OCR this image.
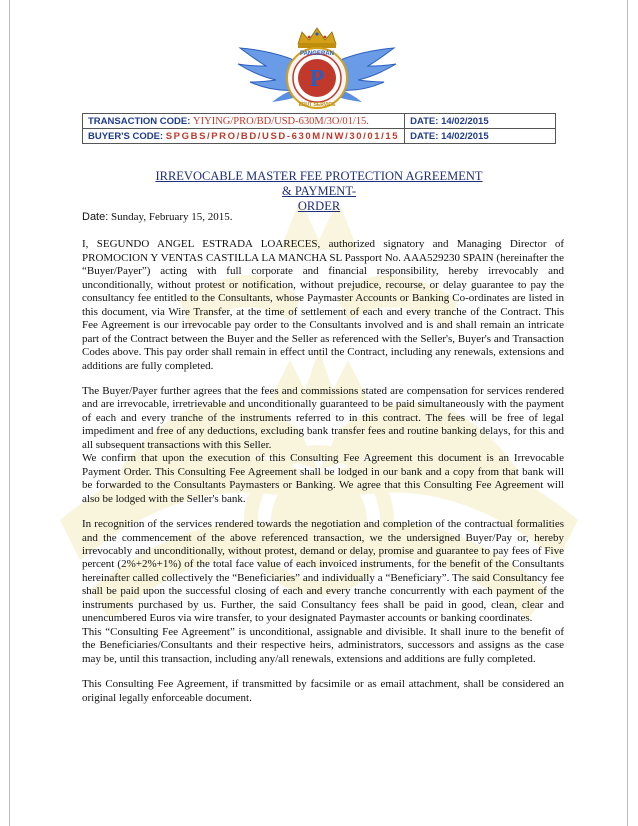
P
PANGERAN
EDUT SERVICE
TRANSACTION CODE: YIYING/PRO/BD/USD-630M/3O/01/15.	DATE: 14/02/2015
BUYER'S CODE: SPGBS/PRO/BD/USD-630M/NW/30/01/15	DATE: 14/02/2015
IRREVOCABLE MASTER FEE PROTECTION AGREEMENT
& PAYMENT-
ORDER

Date: Sunday, February 15, 2015.

I, SEGUNDO ANGEL ESTRADA LOARECES, authorized signatory and Managing Director of PROMOCION Y VENTAS CASTILLA LA MANCHA SL Passport No. AAA529230 SPAIN (hereinafter the “Buyer/Payer”) acting with full corporate and financial responsibility, hereby irrevocably and unconditionally, without protest or notification, without prejudice, recourse, or delay guarantee to pay the consultancy fee entitled to the Consultants, whose Paymaster Accounts or Banking Co-ordinates are listed in this document, via Wire Transfer, at the time of settlement of each and every tranche of the Contract. This Fee Agreement is our irrevocable pay order to the Consultants involved and is and shall remain an intricate part of the Contract between the Buyer and the Seller as referenced with the Seller's, Buyer's and Transaction Codes above. This pay order shall remain in effect until the Contract, including any renewals, extensions and additions are fully completed.

The Buyer/Payer further agrees that the fees and commissions stated are compensation for services rendered and are irrevocable, irretrievable and unconditionally guaranteed to be paid simultaneously with the payment of each and every tranche of the instruments referred to in this contract. The fees will be free of legal impediment and free of any deductions, excluding bank transfer fees and routine banking delays, for this and all subsequent transactions with this Seller.

We confirm that upon the execution of this Consulting Fee Agreement this document is an Irrevocable Payment Order. This Consulting Fee Agreement shall be lodged in our bank and a copy from that bank will be forwarded to the Consultants Paymasters or Banking. We agree that this Consulting Fee Agreement will also be lodged with the Seller's bank.

In recognition of the services rendered towards the negotiation and completion of the contractual formalities and the commencement of the above referenced transaction, we the undersigned Buyer/Pay or, hereby irrevocably and unconditionally, without protest, demand or delay, promise and guarantee to pay fees of Five percent (2%+2%+1%) of the total face value of each invoiced instruments, for the benefit of the Consultants hereinafter called collectively the “Beneficiaries” and individually a “Beneficiary”. The said Consultancy fee shall be paid upon the successful closing of each and every tranche concurrently with each payment of the instruments purchased by us. Further, the said Consultancy fees shall be paid in good, clean, clear and unencumbered Euros via wire transfer, to your designated Paymaster accounts or banking coordinates.

This “Consulting Fee Agreement” is unconditional, assignable and divisible. It shall inure to the benefit of the Beneficiaries/Consultants and their respective heirs, administrators, successors and assigns as the case may be, until this transaction, including any/all renewals, extensions and additions are fully completed.

This Consulting Fee Agreement, if transmitted by facsimile or as email attachment, shall be considered an original legally enforceable document.
